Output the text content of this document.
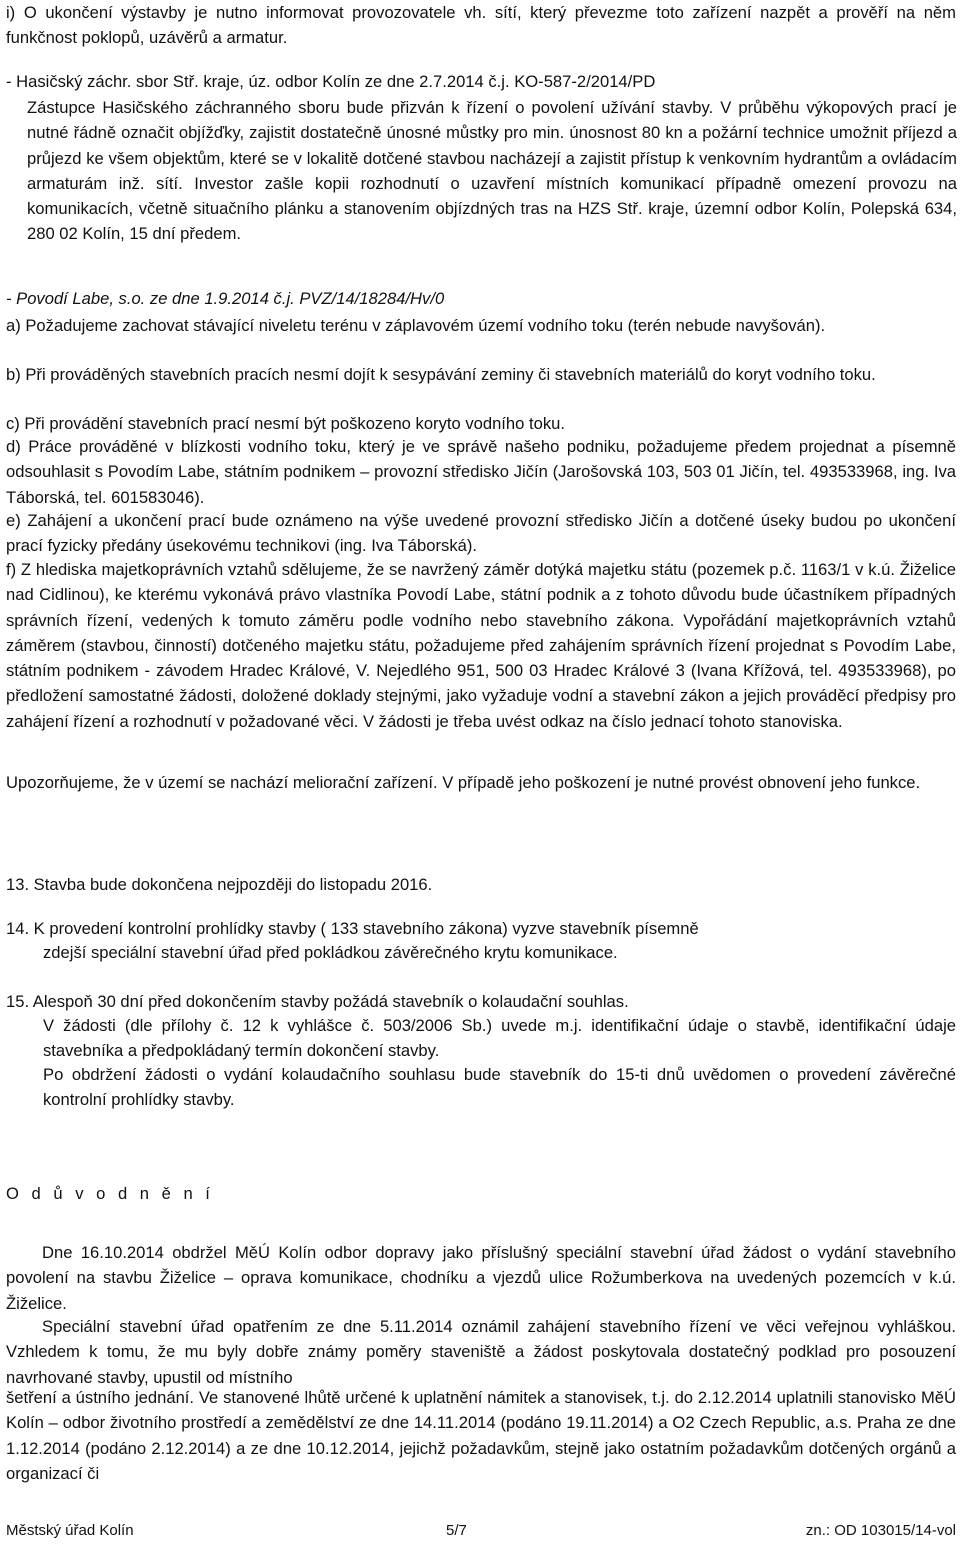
i) O ukončení výstavby je nutno informovat provozovatele vh. sítí, který převezme toto zařízení nazpět a prověří na něm funkčnost poklopů, uzávěrů a armatur.
- Hasičský záchr. sbor Stř. kraje, úz. odbor Kolín ze dne 2.7.2014 č.j. KO-587-2/2014/PD
Zástupce Hasičského záchranného sboru bude přizván k řízení o povolení užívání stavby. V průběhu výkopových prací je nutné řádně označit objížďky, zajistit dostatečně únosné můstky pro min. únosnost 80 kn a požární technice umožnit příjezd a průjezd ke všem objektům, které se v lokalitě dotčené stavbou nacházejí a zajistit přístup k venkovním hydrantům a ovládacím armaturám inž. sítí. Investor zašle kopii rozhodnutí o uzavření místních komunikací případně omezení provozu na komunikacích, včetně situačního plánku a stanovením objízdných tras na HZS Stř. kraje, územní odbor Kolín, Polepská 634, 280 02 Kolín, 15 dní předem.
- Povodí Labe, s.o. ze dne 1.9.2014 č.j. PVZ/14/18284/Hv/0
a) Požadujeme zachovat stávající niveletu terénu v záplavovém území vodního toku (terén nebude navyšován).
b) Při prováděných stavebních pracích nesmí dojít k sesypávání zeminy či stavebních materiálů do koryt vodního toku.
c) Při provádění stavebních prací nesmí být poškozeno koryto vodního toku.
d) Práce prováděné v blízkosti vodního toku, který je ve správě našeho podniku, požadujeme předem projednat a písemně odsouhlasit s Povodím Labe, státním podnikem – provozní středisko Jičín (Jarošovská 103, 503 01 Jičín, tel. 493533968, ing. Iva Táborská, tel. 601583046).
e) Zahájení a ukončení prací bude oznámeno na výše uvedené provozní středisko Jičín a dotčené úseky budou po ukončení prací fyzicky předány úsekovému technikovi (ing. Iva Táborská).
f) Z hlediska majetkoprávních vztahů sdělujeme, že se navržený záměr dotýká majetku státu (pozemek p.č. 1163/1 v k.ú. Žiželice nad Cidlinou), ke kterému vykonává právo vlastníka Povodí Labe, státní podnik a z tohoto důvodu bude účastníkem případných správních řízení, vedených k tomuto záměru podle vodního nebo stavebního zákona. Vypořádání majetkoprávních vztahů záměrem (stavbou, činností) dotčeného majetku státu, požadujeme před zahájením správních řízení projednat s Povodím Labe, státním podnikem - závodem Hradec Králové, V. Nejedlého 951, 500 03 Hradec Králové 3 (Ivana Křížová, tel. 493533968), po předložení samostatné žádosti, doložené doklady stejnými, jako vyžaduje vodní a stavební zákon a jejich prováděcí předpisy pro zahájení řízení a rozhodnutí v požadované věci. V žádosti je třeba uvést odkaz na číslo jednací tohoto stanoviska.
Upozorňujeme, že v území se nachází meliorační zařízení. V případě jeho poškození je nutné provést obnovení jeho funkce.
13. Stavba bude dokončena nejpozději do listopadu 2016.
14. K provedení kontrolní prohlídky stavby ( 133 stavebního zákona) vyzve stavebník písemně
zdejší speciální stavební úřad před pokládkou závěrečného krytu komunikace.
15. Alespoň 30 dní před dokončením stavby požádá stavebník o kolaudační souhlas.
V žádosti (dle přílohy č. 12 k vyhlášce č. 503/2006 Sb.) uvede m.j. identifikační údaje o stavbě, identifikační údaje stavebníka a předpokládaný termín dokončení stavby.
Po obdržení žádosti o vydání kolaudačního souhlasu bude stavebník do 15-ti dnů uvědomen o provedení závěrečné kontrolní prohlídky stavby.
O d ů v o d n ě n í
Dne 16.10.2014 obdržel MěÚ Kolín odbor dopravy jako příslušný speciální stavební úřad žádost o vydání stavebního povolení na stavbu Žiželice – oprava komunikace, chodníku a vjezdů ulice Rožumberkova na uvedených pozemcích v k.ú. Žiželice.
Speciální stavební úřad opatřením ze dne 5.11.2014 oznámil zahájení stavebního řízení ve věci veřejnou vyhláškou. Vzhledem k tomu, že mu byly dobře známy poměry staveniště a žádost poskytovala dostatečný podklad pro posouzení navrhované stavby, upustil od místního
šetření a ústního jednání. Ve stanovené lhůtě určené k uplatnění námitek a stanovisek, t.j. do 2.12.2014 uplatnili stanovisko MěÚ Kolín – odbor životního prostředí a zemědělství ze dne 14.11.2014 (podáno 19.11.2014) a O2 Czech Republic, a.s. Praha ze dne 1.12.2014 (podáno 2.12.2014) a ze dne 10.12.2014, jejichž požadavkům, stejně jako ostatním požadavkům dotčených orgánů a organizací či
Městský úřad Kolín	5/7	zn.: OD 103015/14-vol
